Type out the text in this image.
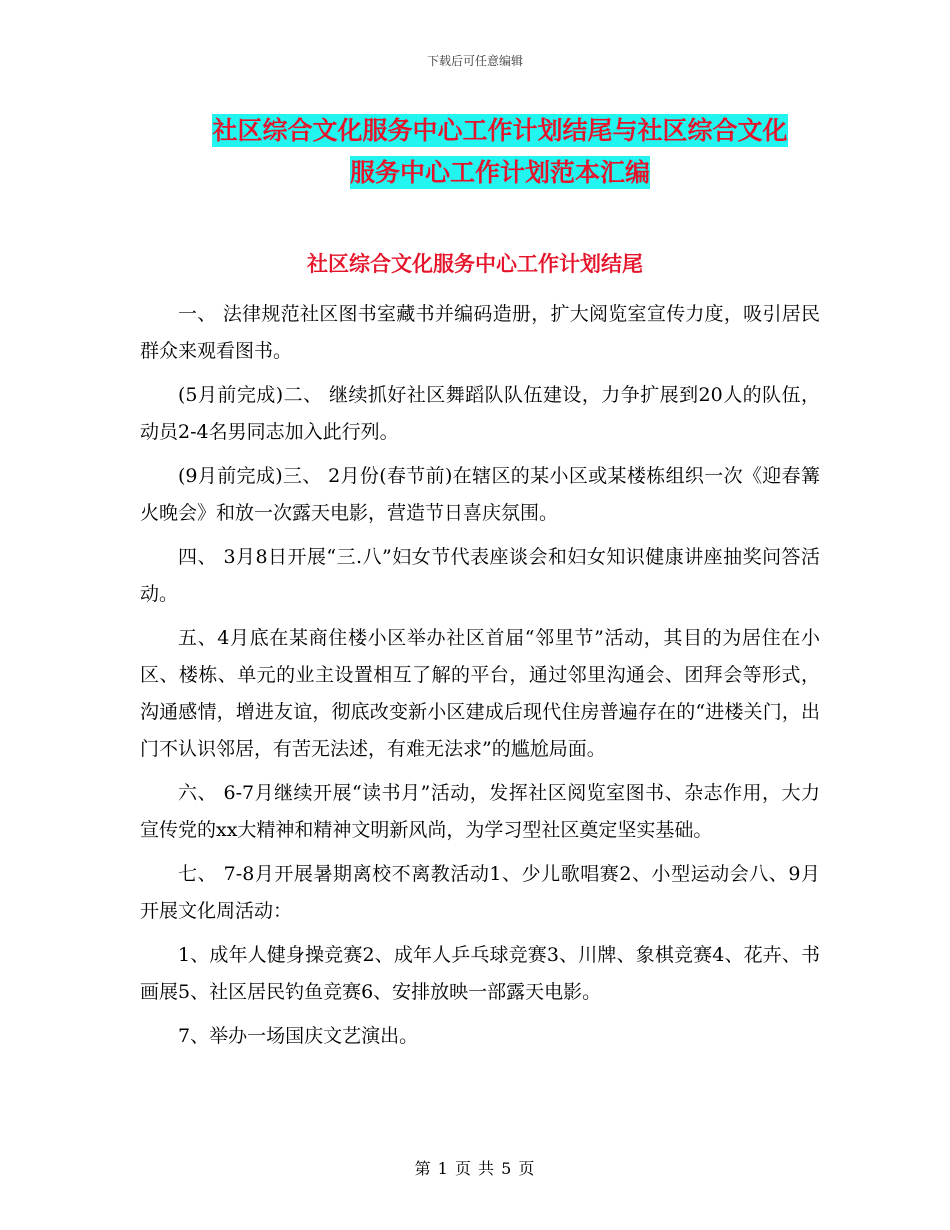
下载后可任意编辑
社区综合文化服务中心工作计划结尾与社区综合文化
服务中心工作计划范本汇编
社区综合文化服务中心工作计划结尾

一、 法律规范社区图书室藏书并编码造册，扩大阅览室宣传力度，吸引居民群众来观看图书。

(5月前完成)二、 继续抓好社区舞蹈队队伍建设，力争扩展到20人的队伍，动员2-4名男同志加入此行列。

(9月前完成)三、 2月份(春节前)在辖区的某小区或某楼栋组织一次《迎春篝火晚会》和放一次露天电影，营造节日喜庆氛围。

四、 3月8日开展“三.八”妇女节代表座谈会和妇女知识健康讲座抽奖问答活动。

五、4月底在某商住楼小区举办社区首届“邻里节”活动，其目的为居住在小区、楼栋、单元的业主设置相互了解的平台，通过邻里沟通会、团拜会等形式，沟通感情，增进友谊，彻底改变新小区建成后现代住房普遍存在的“进楼关门，出门不认识邻居，有苦无法述，有难无法求”的尴尬局面。

六、 6-7月继续开展“读书月”活动，发挥社区阅览室图书、杂志作用，大力宣传党的xx大精神和精神文明新风尚，为学习型社区奠定坚实基础。

七、 7-8月开展暑期离校不离教活动1、少儿歌唱赛2、小型运动会八、9月开展文化周活动：

1、成年人健身操竞赛2、成年人乒乓球竞赛3、川牌、象棋竞赛4、花卉、书画展5、社区居民钓鱼竞赛6、安排放映一部露天电影。

7、举办一场国庆文艺演出。

第 1 页 共 5 页
